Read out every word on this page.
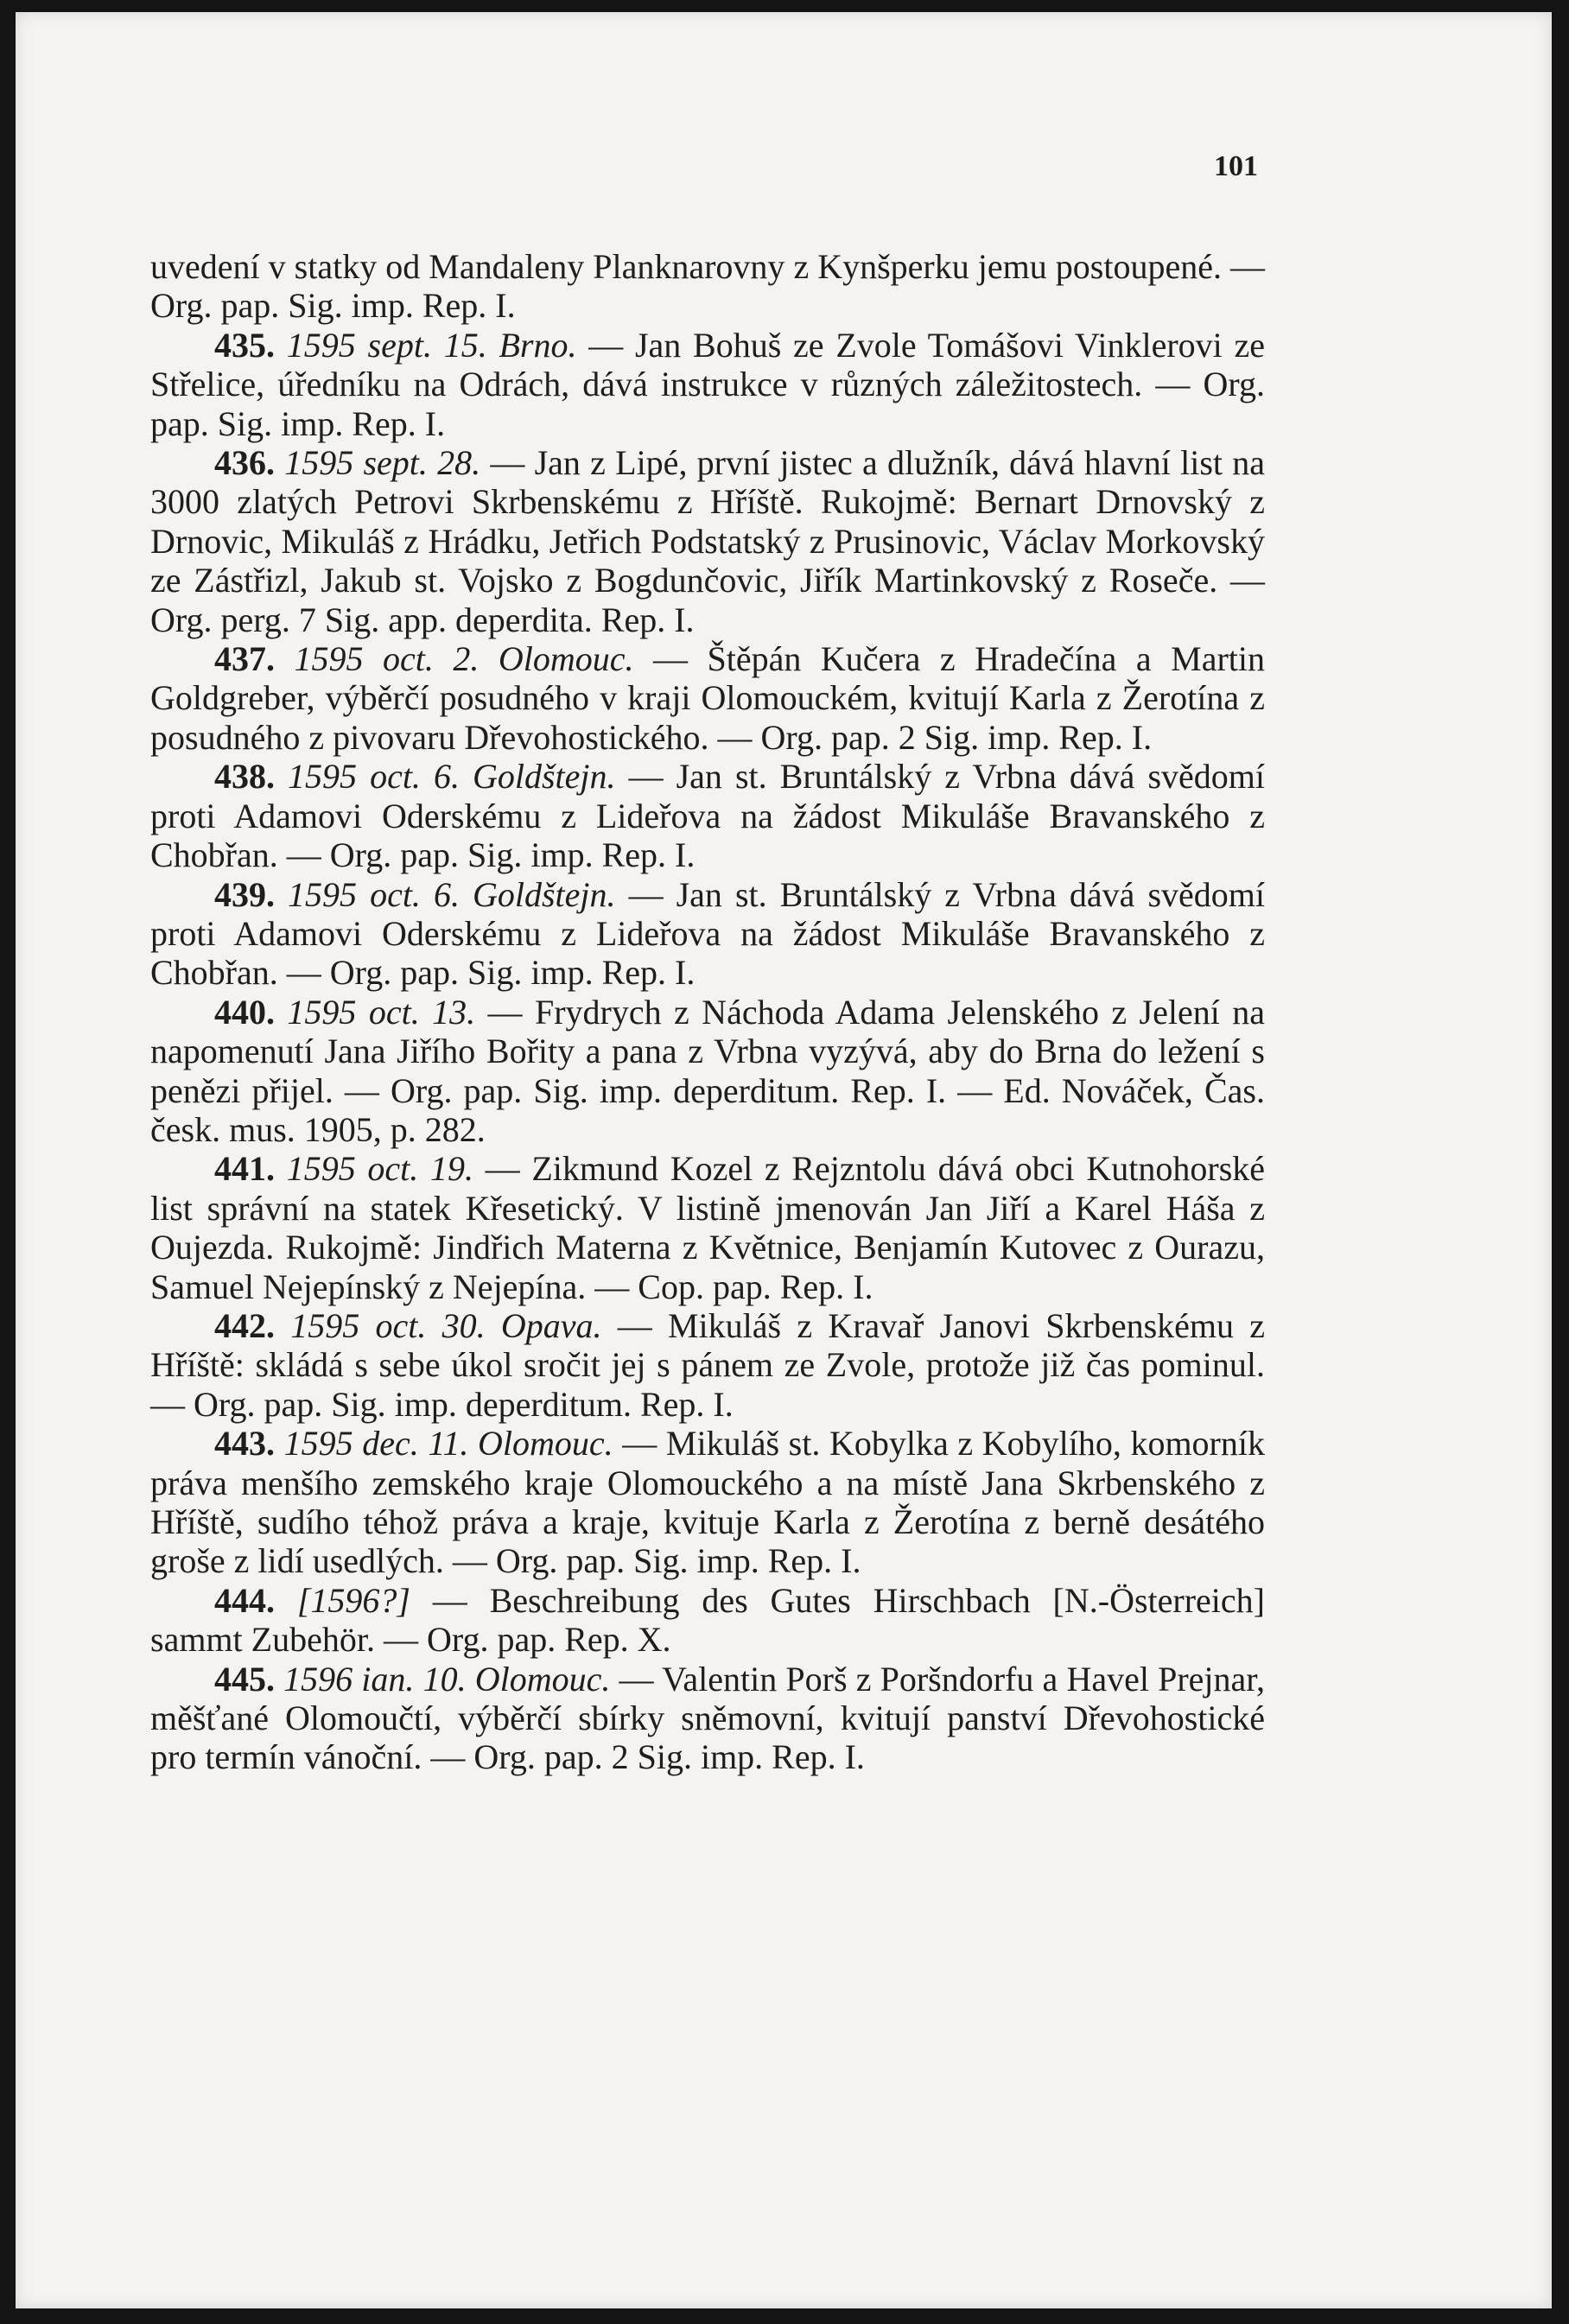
101

uvedení v statky od Mandaleny Planknarovny z Kynšperku jemu postoupené. — Org. pap. Sig. imp. Rep. I.

435. 1595 sept. 15. Brno. — Jan Bohuš ze Zvole Tomášovi Vinklerovi ze Střelice, úředníku na Odrách, dává instrukce v různých záležitostech. — Org. pap. Sig. imp. Rep. I.

436. 1595 sept. 28. — Jan z Lipé, první jistec a dlužník, dává hlavní list na 3000 zlatých Petrovi Skrbenskému z Hříště. Rukojmě: Bernart Drnovský z Drnovic, Mikuláš z Hrádku, Jetřich Podstatský z Prusinovic, Václav Morkovský ze Zástřizl, Jakub st. Vojsko z Bogdunčovic, Jiřík Martinkovský z Roseče. — Org. perg. 7 Sig. app. deperdita. Rep. I.

437. 1595 oct. 2. Olomouc. — Štěpán Kučera z Hradečína a Martin Goldgreber, výběrčí posudného v kraji Olomouckém, kvitují Karla z Žerotína z posudného z pivovaru Dřevohostického. — Org. pap. 2 Sig. imp. Rep. I.

438. 1595 oct. 6. Goldštejn. — Jan st. Bruntálský z Vrbna dává svědomí proti Adamovi Oderskému z Lideřova na žádost Mikuláše Bravanského z Chobřan. — Org. pap. Sig. imp. Rep. I.

439. 1595 oct. 6. Goldštejn. — Jan st. Bruntálský z Vrbna dává svědomí proti Adamovi Oderskému z Lideřova na žádost Mikuláše Bravanského z Chobřan. — Org. pap. Sig. imp. Rep. I.

440. 1595 oct. 13. — Frydrych z Náchoda Adama Jelenského z Jelení na napomenutí Jana Jiřího Bořity a pana z Vrbna vyzývá, aby do Brna do ležení s penězi přijel. — Org. pap. Sig. imp. deperditum. Rep. I. — Ed. Nováček, Čas. česk. mus. 1905, p. 282.

441. 1595 oct. 19. — Zikmund Kozel z Rejzntolu dává obci Kutnohorské list správní na statek Křesetický. V listině jmenován Jan Jiří a Karel Háša z Oujezda. Rukojmě: Jindřich Materna z Květnice, Benjamín Kutovec z Ourazu, Samuel Nejepínský z Nejepína. — Cop. pap. Rep. I.

442. 1595 oct. 30. Opava. — Mikuláš z Kravař Janovi Skrbenskému z Hříště: skládá s sebe úkol sročit jej s pánem ze Zvole, protože již čas pominul. — Org. pap. Sig. imp. deperditum. Rep. I.

443. 1595 dec. 11. Olomouc. — Mikuláš st. Kobylka z Kobylího, komorník práva menšího zemského kraje Olomouckého a na místě Jana Skrbenského z Hříště, sudího téhož práva a kraje, kvituje Karla z Žerotína z berně desátého groše z lidí usedlých. — Org. pap. Sig. imp. Rep. I.

444. [1596?] — Beschreibung des Gutes Hirschbach [N.-Österreich] sammt Zubehör. — Org. pap. Rep. X.

445. 1596 ian. 10. Olomouc. — Valentin Porš z Poršndorfu a Havel Prejnar, měšťané Olomoučtí, výběrčí sbírky sněmovní, kvitují panství Dřevohostické pro termín vánoční. — Org. pap. 2 Sig. imp. Rep. I.
